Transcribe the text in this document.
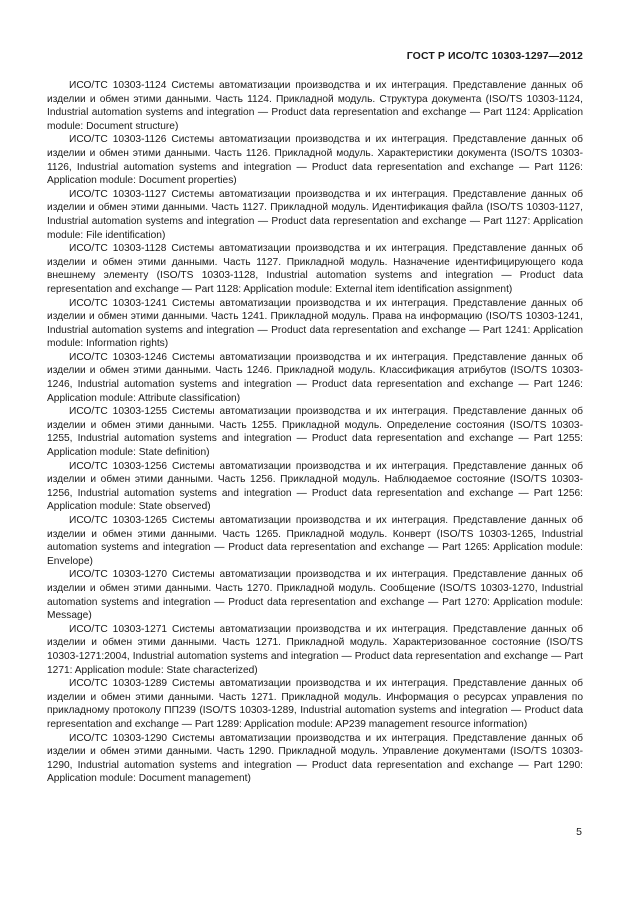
ГОСТ Р ИСО/ТС 10303-1297—2012

ИСО/ТС 10303-1124 Системы автоматизации производства и их интеграция. Представление данных об изделии и обмен этими данными. Часть 1124. Прикладной модуль. Структура документа (ISO/TS 10303-1124, Industrial automation systems and integration — Product data representation and exchange — Part 1124: Application module: Document structure)

ИСО/ТС 10303-1126 Системы автоматизации производства и их интеграция. Представление данных об изделии и обмен этими данными. Часть 1126. Прикладной модуль. Характеристики документа (ISO/TS 10303-1126, Industrial automation systems and integration — Product data representation and exchange — Part 1126: Application module: Document properties)

ИСО/ТС 10303-1127 Системы автоматизации производства и их интеграция. Представление данных об изделии и обмен этими данными. Часть 1127. Прикладной модуль. Идентификация файла (ISO/TS 10303-1127, Industrial automation systems and integration — Product data representation and exchange — Part 1127: Application module: File identification)

ИСО/ТС 10303-1128 Системы автоматизации производства и их интеграция. Представление данных об изделии и обмен этими данными. Часть 1127. Прикладной модуль. Назначение идентифицирующего кода внешнему элементу (ISO/TS 10303-1128, Industrial automation systems and integration — Product data representation and exchange — Part 1128: Application module: External item identification assignment)

ИСО/ТС 10303-1241 Системы автоматизации производства и их интеграция. Представление данных об изделии и обмен этими данными. Часть 1241. Прикладной модуль. Права на информацию (ISO/TS 10303-1241, Industrial automation systems and integration — Product data representation and exchange — Part 1241: Application module: Information rights)

ИСО/ТС 10303-1246 Системы автоматизации производства и их интеграция. Представление данных об изделии и обмен этими данными. Часть 1246. Прикладной модуль. Классификация атрибутов (ISO/TS 10303-1246, Industrial automation systems and integration — Product data representation and exchange — Part 1246: Application module: Attribute classification)

ИСО/ТС 10303-1255 Системы автоматизации производства и их интеграция. Представление данных об изделии и обмен этими данными. Часть 1255. Прикладной модуль. Определение состояния (ISO/TS 10303-1255, Industrial automation systems and integration — Product data representation and exchange — Part 1255: Application module: State definition)

ИСО/ТС 10303-1256 Системы автоматизации производства и их интеграция. Представление данных об изделии и обмен этими данными. Часть 1256. Прикладной модуль. Наблюдаемое состояние (ISO/TS 10303-1256, Industrial automation systems and integration — Product data representation and exchange — Part 1256: Application module: State observed)

ИСО/ТС 10303-1265 Системы автоматизации производства и их интеграция. Представление данных об изделии и обмен этими данными. Часть 1265. Прикладной модуль. Конверт (ISO/TS 10303-1265, Industrial automation systems and integration — Product data representation and exchange — Part 1265: Application module: Envelope)

ИСО/ТС 10303-1270 Системы автоматизации производства и их интеграция. Представление данных об изделии и обмен этими данными. Часть 1270. Прикладной модуль. Сообщение (ISO/TS 10303-1270, Industrial automation systems and integration — Product data representation and exchange — Part 1270: Application module: Message)

ИСО/ТС 10303-1271 Системы автоматизации производства и их интеграция. Представление данных об изделии и обмен этими данными. Часть 1271. Прикладной модуль. Характеризованное состояние (ISO/TS 10303-1271:2004, Industrial automation systems and integration — Product data representation and exchange — Part 1271: Application module: State characterized)

ИСО/ТС 10303-1289 Системы автоматизации производства и их интеграция. Представление данных об изделии и обмен этими данными. Часть 1271. Прикладной модуль. Информация о ресурсах управления по прикладному протоколу ПП239 (ISO/TS 10303-1289, Industrial automation systems and integration — Product data representation and exchange — Part 1289: Application module: AP239 management resource information)

ИСО/ТС 10303-1290 Системы автоматизации производства и их интеграция. Представление данных об изделии и обмен этими данными. Часть 1290. Прикладной модуль. Управление документами (ISO/TS 10303-1290, Industrial automation systems and integration — Product data representation and exchange — Part 1290: Application module: Document management)

5
